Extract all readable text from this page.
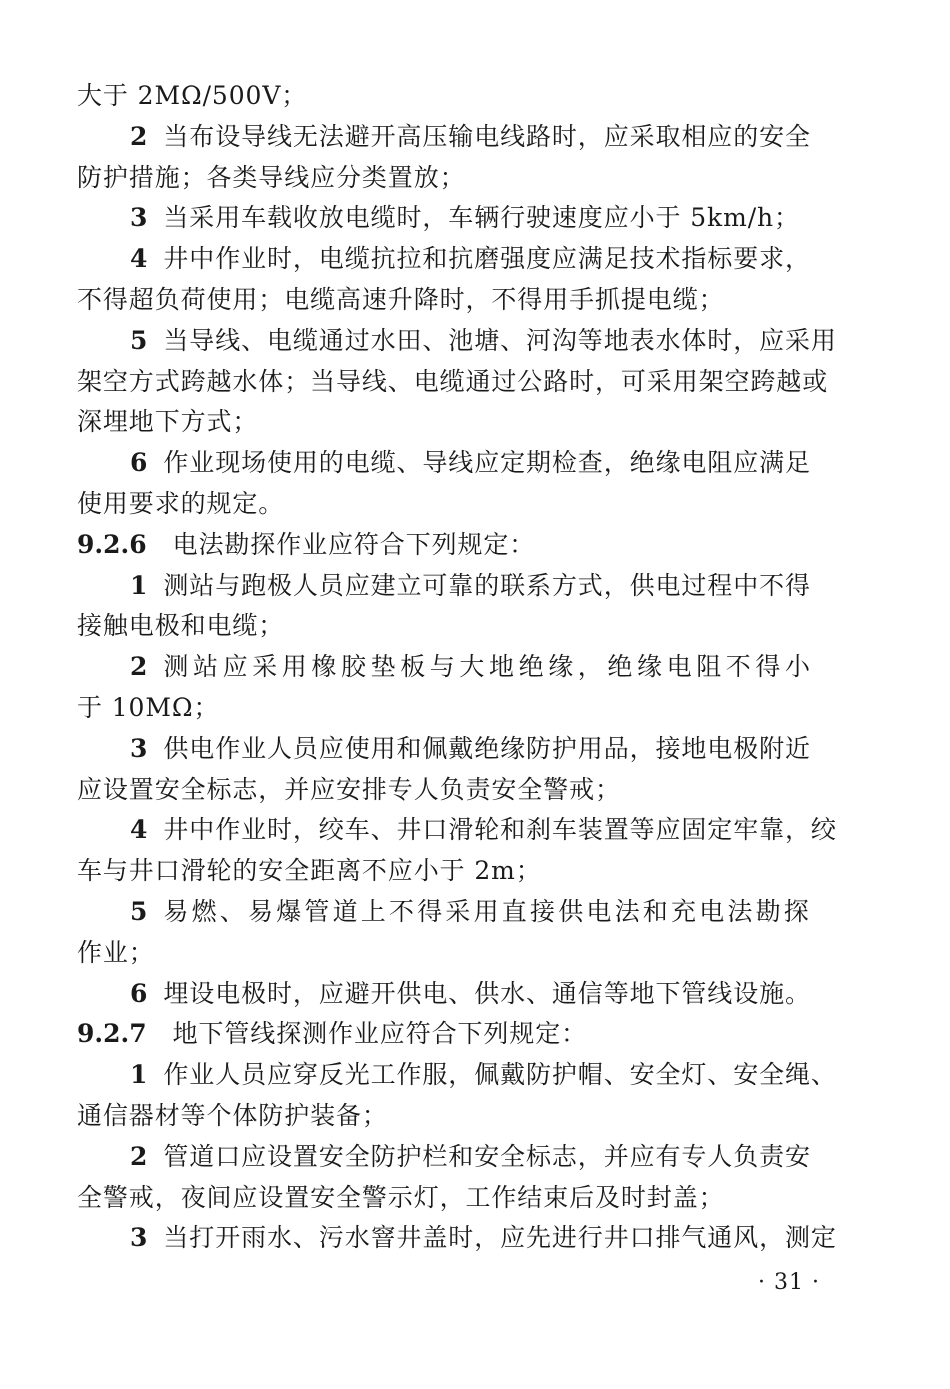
大于 2MΩ/500V；
2 当布设导线无法避开高压输电线路时，应采取相应的安全
防护措施；各类导线应分类置放；
3 当采用车载收放电缆时，车辆行驶速度应小于 5km/h；
4 井中作业时，电缆抗拉和抗磨强度应满足技术指标要求，
不得超负荷使用；电缆高速升降时，不得用手抓提电缆；
5 当导线、电缆通过水田、池塘、河沟等地表水体时，应采用
架空方式跨越水体；当导线、电缆通过公路时，可采用架空跨越或
深埋地下方式；
6 作业现场使用的电缆、导线应定期检查，绝缘电阻应满足
使用要求的规定。
9.2.6 电法勘探作业应符合下列规定：
1 测站与跑极人员应建立可靠的联系方式，供电过程中不得
接触电极和电缆；
2 测站应采用橡胶垫板与大地绝缘，绝缘电阻不得小
于 10MΩ；
3 供电作业人员应使用和佩戴绝缘防护用品，接地电极附近
应设置安全标志，并应安排专人负责安全警戒；
4 井中作业时，绞车、井口滑轮和刹车装置等应固定牢靠，绞
车与井口滑轮的安全距离不应小于 2m；
5 易燃、易爆管道上不得采用直接供电法和充电法勘探
作业；
6 埋设电极时，应避开供电、供水、通信等地下管线设施。
9.2.7 地下管线探测作业应符合下列规定：
1 作业人员应穿反光工作服，佩戴防护帽、安全灯、安全绳、
通信器材等个体防护装备；
2 管道口应设置安全防护栏和安全标志，并应有专人负责安
全警戒，夜间应设置安全警示灯，工作结束后及时封盖；
3 当打开雨水、污水窨井盖时，应先进行井口排气通风，测定
· 31 ·
